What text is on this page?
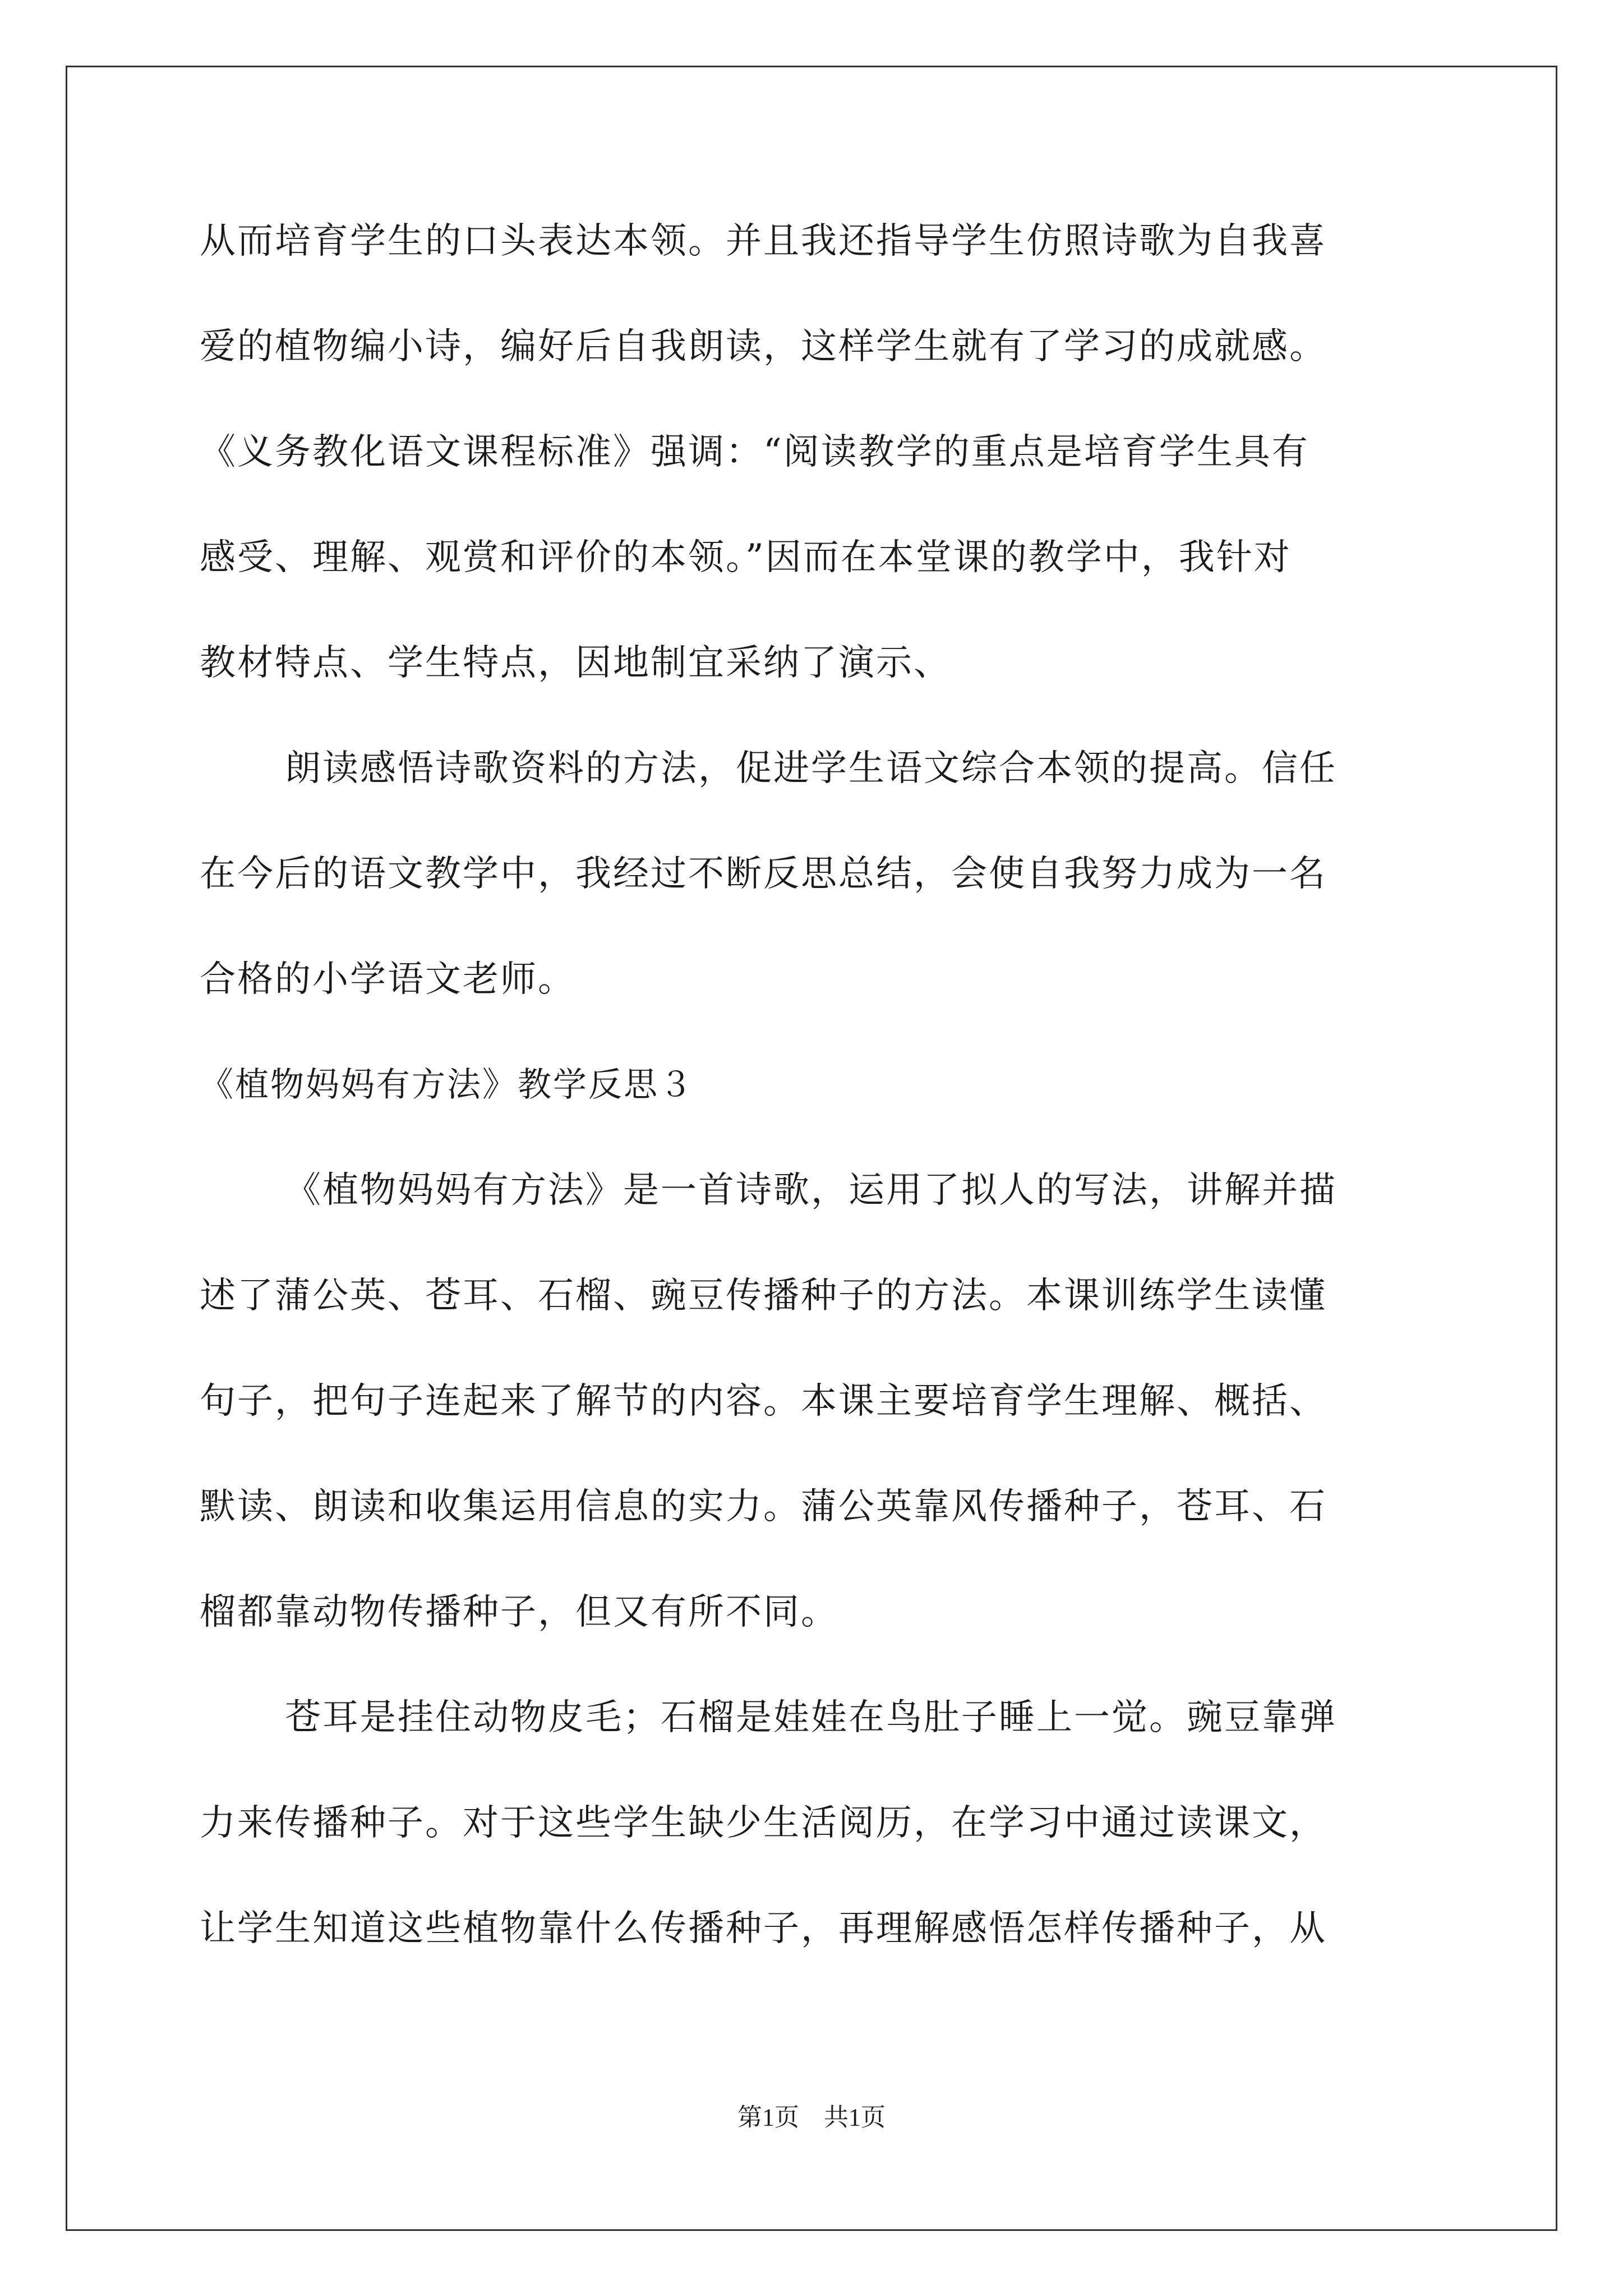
从而培育学生的口头表达本领。并且我还指导学生仿照诗歌为自我喜
爱的植物编小诗，编好后自我朗读，这样学生就有了学习的成就感。
《义务教化语文课程标准》强调：“阅读教学的重点是培育学生具有
感受、理解、观赏和评价的本领。”因而在本堂课的教学中，我针对
教材特点、学生特点，因地制宜采纳了演示、
朗读感悟诗歌资料的方法，促进学生语文综合本领的提高。信任
在今后的语文教学中，我经过不断反思总结，会使自我努力成为一名
合格的小学语文老师。
《植物妈妈有方法》教学反思３
《植物妈妈有方法》是一首诗歌，运用了拟人的写法，讲解并描
述了蒲公英、苍耳、石榴、豌豆传播种子的方法。本课训练学生读懂
句子，把句子连起来了解节的内容。本课主要培育学生理解、概括、
默读、朗读和收集运用信息的实力。蒲公英靠风传播种子，苍耳、石
榴都靠动物传播种子，但又有所不同。
苍耳是挂住动物皮毛；石榴是娃娃在鸟肚子睡上一觉。豌豆靠弹
力来传播种子。对于这些学生缺少生活阅历，在学习中通过读课文，
让学生知道这些植物靠什么传播种子，再理解感悟怎样传播种子，从
第1页 共1页
